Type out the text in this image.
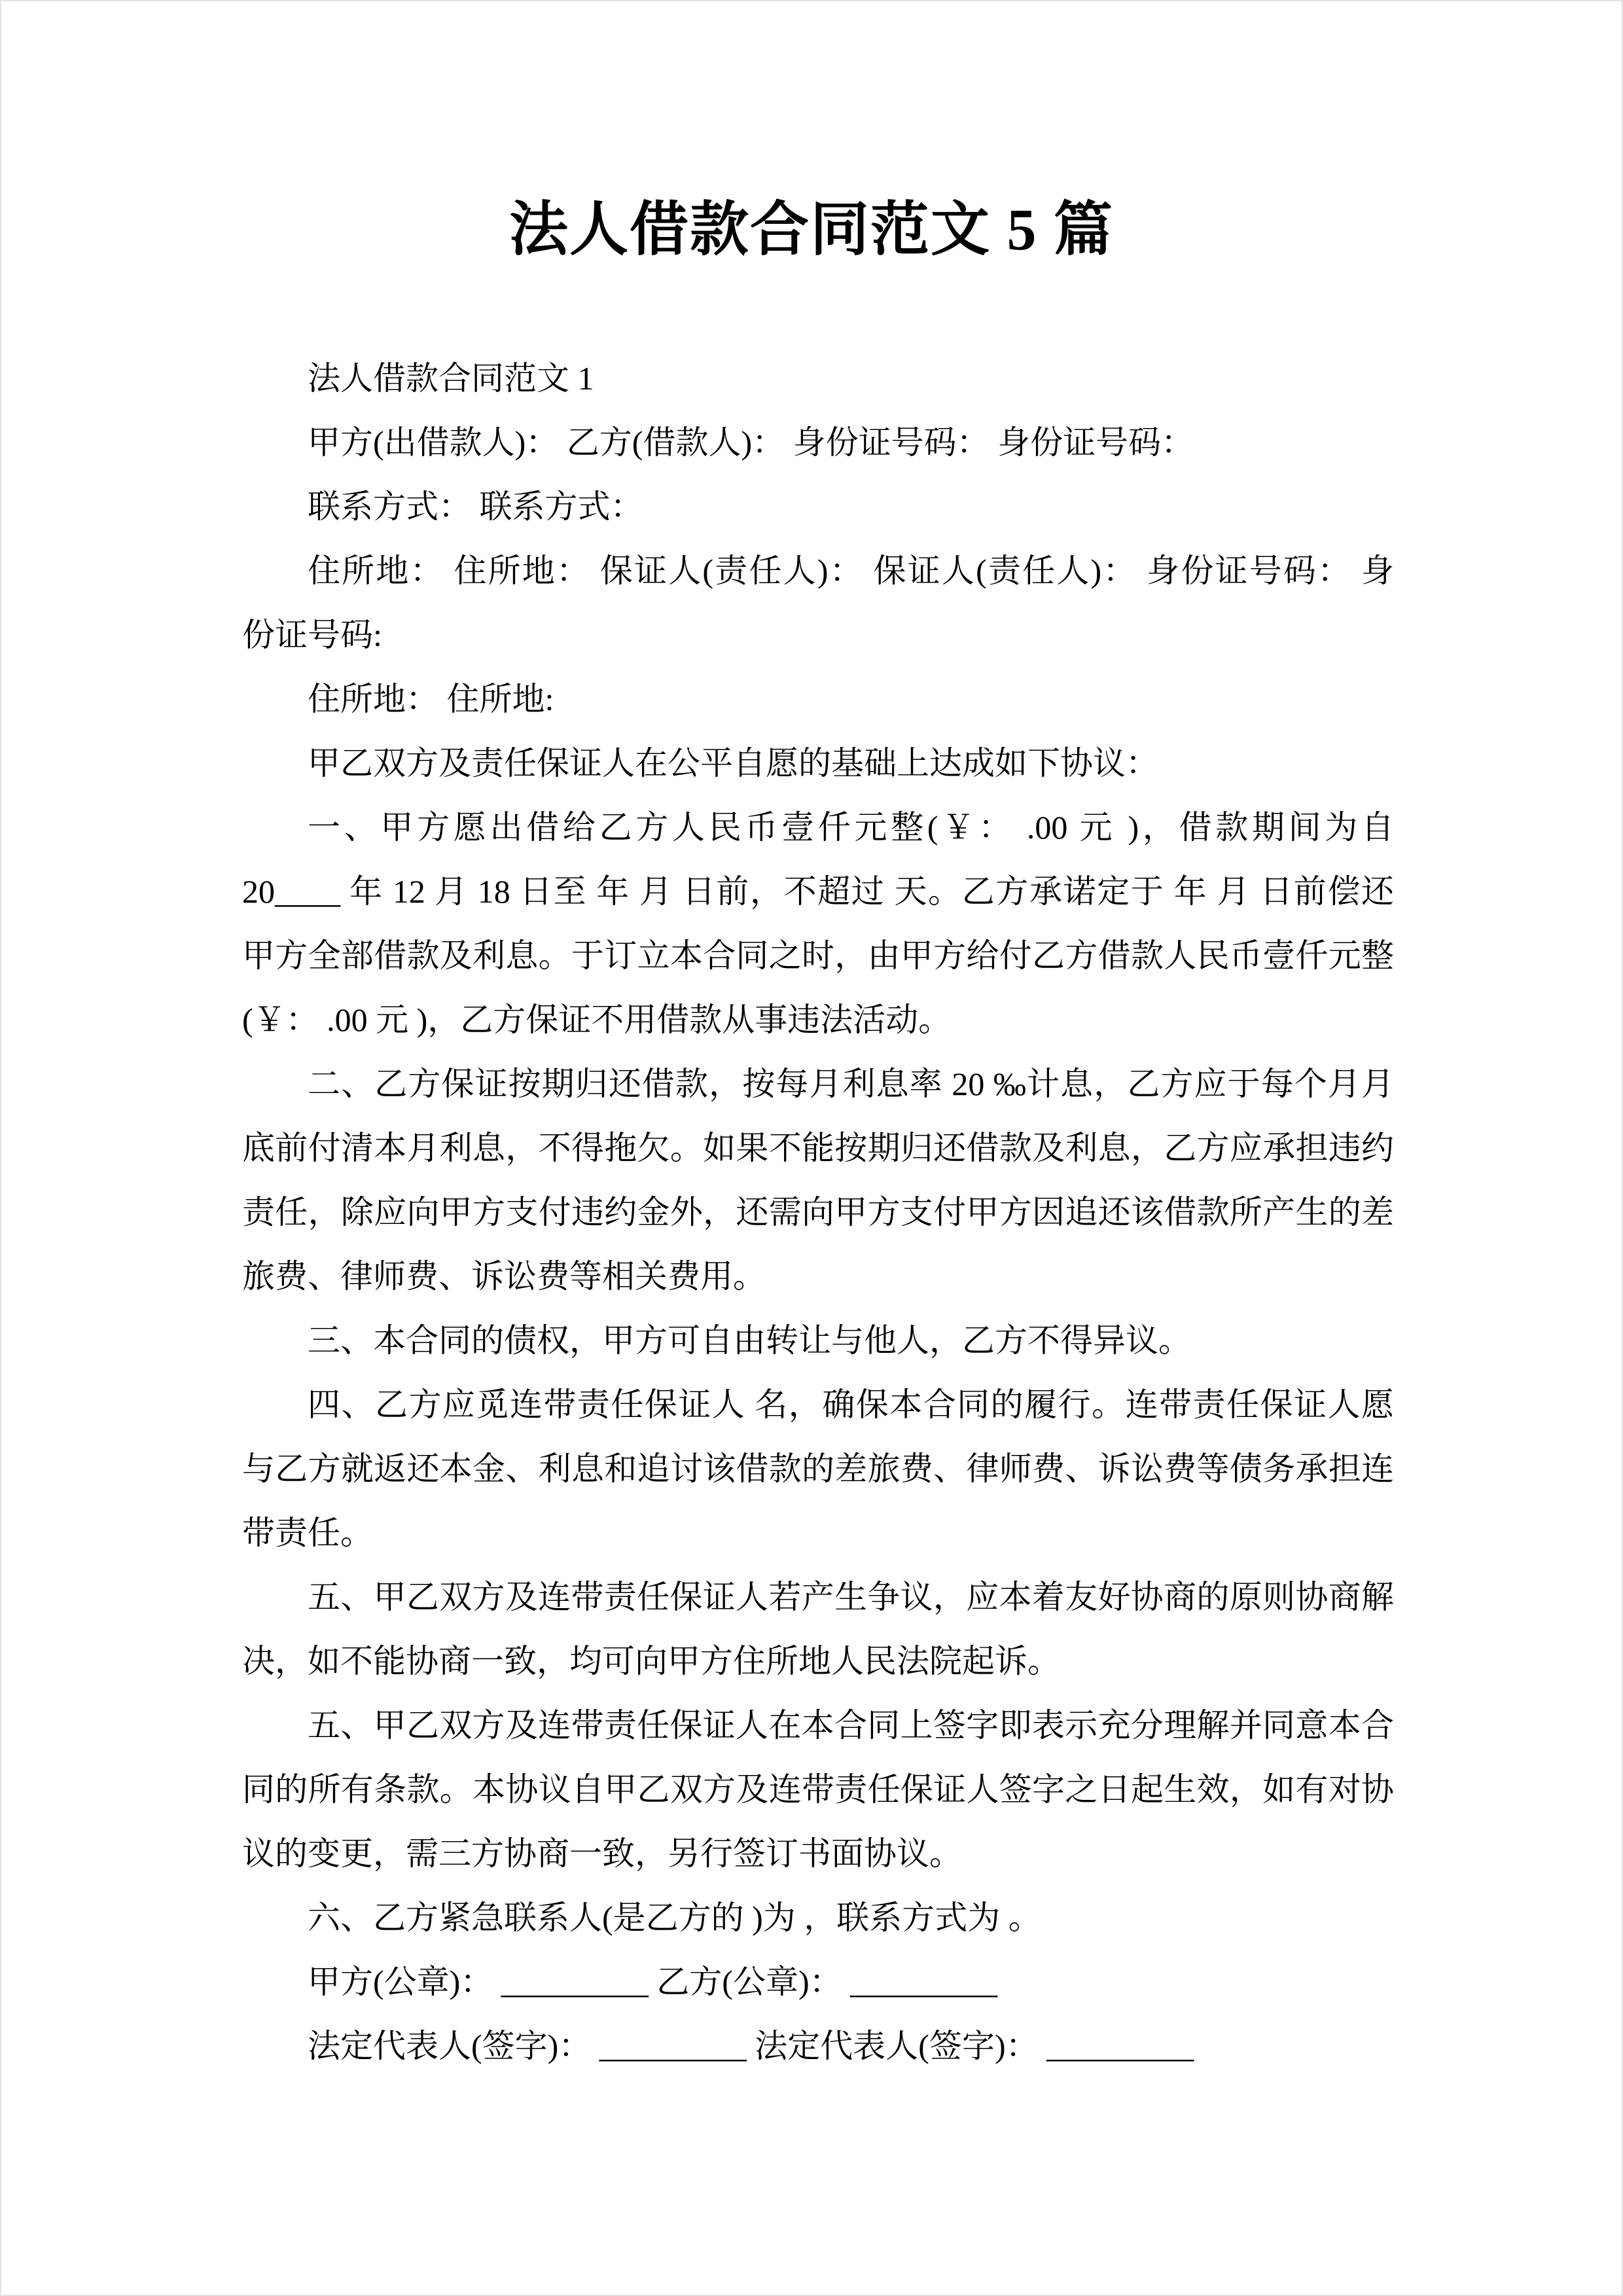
法人借款合同范文 5 篇
法人借款合同范文 1
甲方(出借款人)： 乙方(借款人)： 身份证号码： 身份证号码：
联系方式： 联系方式：
住所地： 住所地： 保证人(责任人)： 保证人(责任人)： 身份证号码： 身
份证号码:
住所地： 住所地:
甲乙双方及责任保证人在公平自愿的基础上达成如下协议：
一、甲方愿出借给乙方人民币壹仟元整(￥： .00 元 )，借款期间为自
20____ 年 12 月 18 日至 年 月 日前，不超过 天。乙方承诺定于 年 月 日前偿还
甲方全部借款及利息。于订立本合同之时，由甲方给付乙方借款人民币壹仟元整
(￥： .00 元 )，乙方保证不用借款从事违法活动。
二、乙方保证按期归还借款，按每月利息率 20 ‰计息，乙方应于每个月月
底前付清本月利息，不得拖欠。如果不能按期归还借款及利息，乙方应承担违约
责任，除应向甲方支付违约金外，还需向甲方支付甲方因追还该借款所产生的差
旅费、律师费、诉讼费等相关费用。
三、本合同的债权，甲方可自由转让与他人，乙方不得异议。
四、乙方应觅连带责任保证人 名，确保本合同的履行。连带责任保证人愿
与乙方就返还本金、利息和追讨该借款的差旅费、律师费、诉讼费等债务承担连
带责任。
五、甲乙双方及连带责任保证人若产生争议，应本着友好协商的原则协商解
决，如不能协商一致，均可向甲方住所地人民法院起诉。
五、甲乙双方及连带责任保证人在本合同上签字即表示充分理解并同意本合
同的所有条款。本协议自甲乙双方及连带责任保证人签字之日起生效，如有对协
议的变更，需三方协商一致，另行签订书面协议。
六、乙方紧急联系人(是乙方的 )为 ，联系方式为 。
甲方(公章)： _________ 乙方(公章)： _________
法定代表人(签字)： _________ 法定代表人(签字)： _________
